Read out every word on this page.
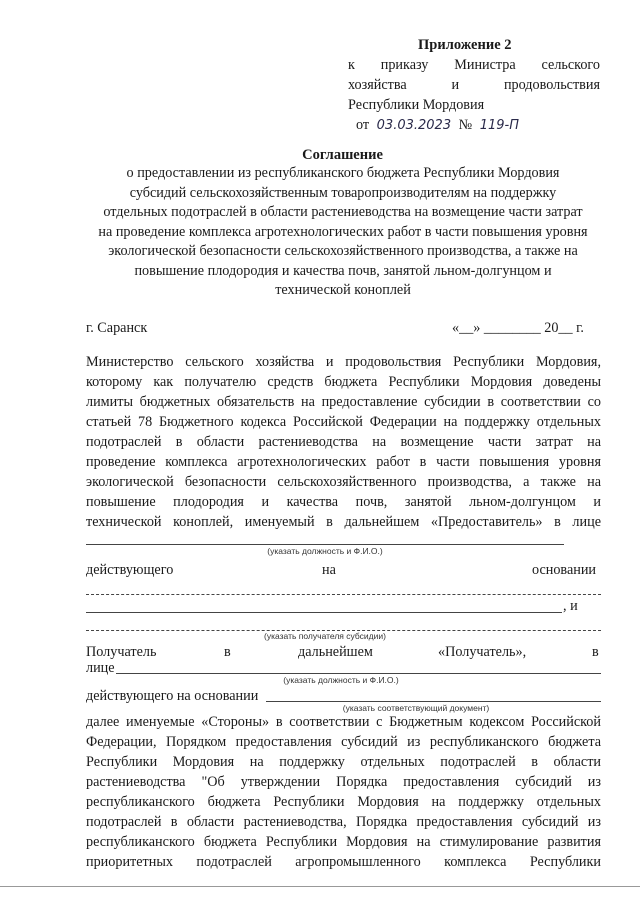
Приложение 2
к приказу Министра сельского
хозяйства и продовольствия
Республики Мордовия
от 03.03.2023 № 119-П
Соглашение
о предоставлении из республиканского бюджета Республики Мордовия
субсидий сельскохозяйственным товаропроизводителям на поддержку
отдельных подотраслей в области растениеводства на возмещение части затрат
на проведение комплекса агротехнологических работ в части повышения уровня
экологической безопасности сельскохозяйственного производства, а также на
повышение плодородия и качества почв, занятой льном-долгунцом и
технической коноплей
г. Саранск	«__» ________ 20__ г.
Министерство сельского хозяйства и продовольствия Республики Мордовия,
которому как получателю средств бюджета Республики Мордовия доведены
лимиты бюджетных обязательств на предоставление субсидии в соответствии со
статьей 78 Бюджетного кодекса Российской Федерации на поддержку отдельных
подотраслей в области растениеводства на возмещение части затрат на
проведение комплекса агротехнологических работ в части повышения уровня
экологической безопасности сельскохозяйственного производства, а также на
повышение плодородия и качества почв, занятой льном-долгунцом и
технической коноплей, именуемый в дальнейшем «Предоставитель» в лице
(указать должность и Ф.И.О.)
действующего	на	основании
, и
(указать получателя субсидии)
Получатель	в	дальнейшем	«Получатель»,	в
лице
(указать должность и Ф.И.О.)
действующего на основании
(указать соответствующий документ)
далее именуемые «Стороны» в соответствии с Бюджетным кодексом Российской
Федерации, Порядком предоставления субсидий из республиканского бюджета
Республики Мордовия на поддержку отдельных подотраслей в области
растениеводства "Об утверждении Порядка предоставления субсидий из
республиканского бюджета Республики Мордовия на поддержку отдельных
подотраслей в области растениеводства, Порядка предоставления субсидий из
республиканского бюджета Республики Мордовия на стимулирование развития
приоритетных подотраслей агропромышленного комплекса Республики
